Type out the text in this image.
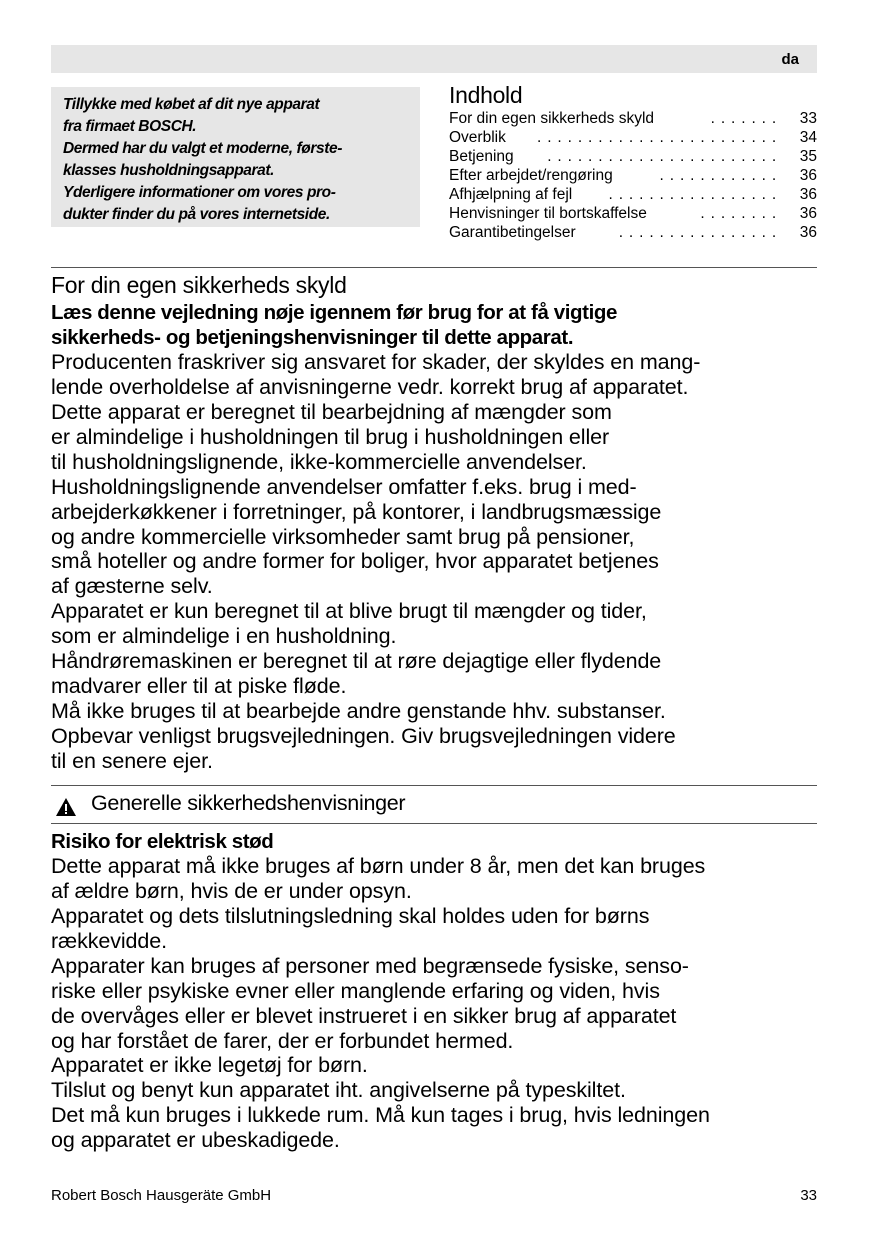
da
Tillykke med købet af dit nye apparat
fra firmaet BOSCH.
Dermed har du valgt et moderne, første-
klasses husholdningsapparat.
Yderligere informationer om vores pro-
dukter finder du på vores internetside.
Indhold
For din egen sikkerheds skyld	. . . . . . . 33
Overblik . . . . . . . . . . . . . . . . . . . . . . . . 34
Betjening . . . . . . . . . . . . . . . . . . . . . . . 35
Efter arbejdet/rengøring	. . . . . . . . . . . . 36
Afhjælpning af fejl . . . . . . . . . . . . . . . . . 36
Henvisninger til bortskaffelse	. . . . . . . . 36
Garantibetingelser	. . . . . . . . . . . . . . . . 36
For din egen sikkerheds skyld
Læs denne vejledning nøje igennem før brug for at få vigtige
sikkerheds- og betjeningshenvisninger til dette apparat.
Producenten fraskriver sig ansvaret for skader, der skyldes en mang-
lende overholdelse af anvisningerne vedr. korrekt brug af apparatet.
Dette apparat er beregnet til bearbejdning af mængder som
er almindelige i husholdningen til brug i husholdningen eller
til husholdningslignende, ikke-kommercielle anvendelser.
Husholdningslignende anvendelser omfatter f.eks. brug i med-
arbejderkøkkener i forretninger, på kontorer, i landbrugsmæssige
og andre kommercielle virksomheder samt brug på pensioner,
små hoteller og andre former for boliger, hvor apparatet betjenes
af gæsterne selv.
Apparatet er kun beregnet til at blive brugt til mængder og tider,
som er almindelige i en husholdning.
Håndrøremaskinen er beregnet til at røre dejagtige eller flydende
madvarer eller til at piske fløde.
Må ikke bruges til at bearbejde andre genstande hhv. substanser.
Opbevar venligst brugsvejledningen. Giv brugsvejledningen videre
til en senere ejer.
Generelle sikkerhedshenvisninger
Risiko for elektrisk stød
Dette apparat må ikke bruges af børn under 8 år, men det kan bruges
af ældre børn, hvis de er under opsyn.
Apparatet og dets tilslutningsledning skal holdes uden for børns
rækkevidde.
Apparater kan bruges af personer med begrænsede fysiske, senso-
riske eller psykiske evner eller manglende erfaring og viden, hvis
de overvåges eller er blevet instrueret i en sikker brug af apparatet
og har forstået de farer, der er forbundet hermed.
Apparatet er ikke legetøj for børn.
Tilslut og benyt kun apparatet iht. angivelserne på typeskiltet.
Det må kun bruges i lukkede rum. Må kun tages i brug, hvis ledningen
og apparatet er ubeskadigede.
Robert Bosch Hausgeräte GmbH	33
